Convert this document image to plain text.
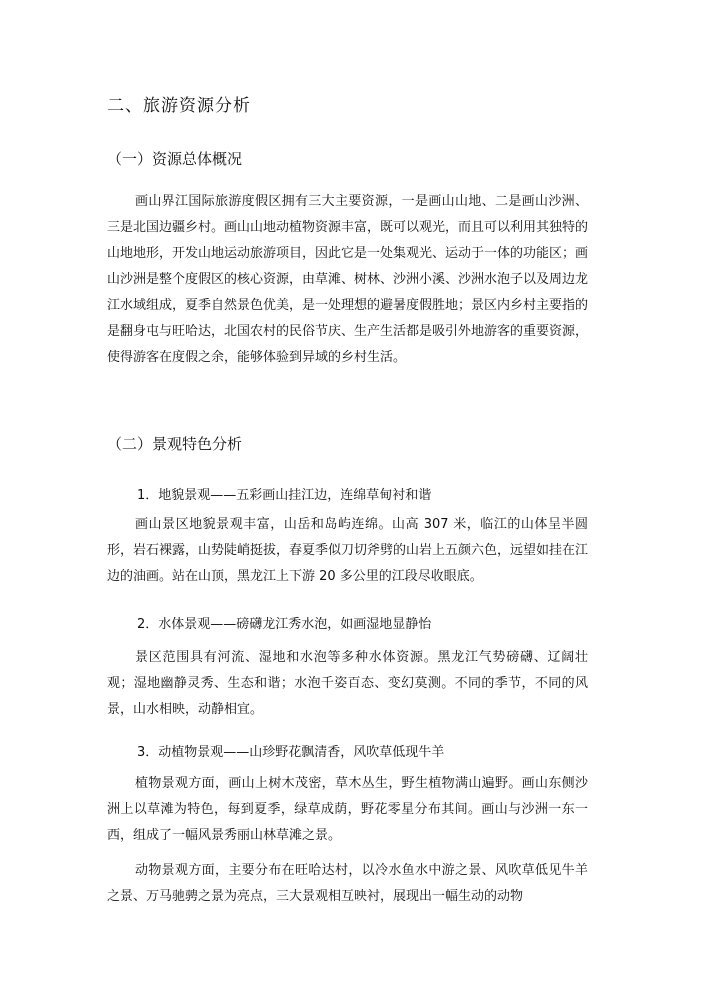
二、旅游资源分析
（一）资源总体概况

画山界江国际旅游度假区拥有三大主要资源，一是画山山地、二是画山沙洲、三是北国边疆乡村。画山山地动植物资源丰富，既可以观光，而且可以利用其独特的山地地形，开发山地运动旅游项目，因此它是一处集观光、运动于一体的功能区；画山沙洲是整个度假区的核心资源，由草滩、树林、沙洲小溪、沙洲水泡子以及周边龙江水域组成，夏季自然景色优美，是一处理想的避暑度假胜地；景区内乡村主要指的是翻身屯与旺哈达，北国农村的民俗节庆、生产生活都是吸引外地游客的重要资源，使得游客在度假之余，能够体验到异域的乡村生活。

（二）景观特色分析
1．地貌景观——五彩画山挂江边，连绵草甸衬和谐

画山景区地貌景观丰富，山岳和岛屿连绵。山高 307 米，临江的山体呈半圆形，岩石裸露，山势陡峭挺拔，春夏季似刀切斧劈的山岩上五颜六色，远望如挂在江边的油画。站在山顶，黑龙江上下游 20 多公里的江段尽收眼底。

2．水体景观——磅礴龙江秀水泡，如画湿地显静怡

景区范围具有河流、湿地和水泡等多种水体资源。黑龙江气势磅礴、辽阔壮观；湿地幽静灵秀、生态和谐；水泡千姿百态、变幻莫测。不同的季节，不同的风景，山水相映，动静相宜。

3．动植物景观——山珍野花飘清香，风吹草低现牛羊

植物景观方面，画山上树木茂密，草木丛生，野生植物满山遍野。画山东侧沙洲上以草滩为特色，每到夏季，绿草成荫，野花零星分布其间。画山与沙洲一东一西，组成了一幅风景秀丽山林草滩之景。

动物景观方面，主要分布在旺哈达村，以冷水鱼水中游之景、风吹草低见牛羊之景、万马驰骋之景为亮点，三大景观相互映衬，展现出一幅生动的动物
